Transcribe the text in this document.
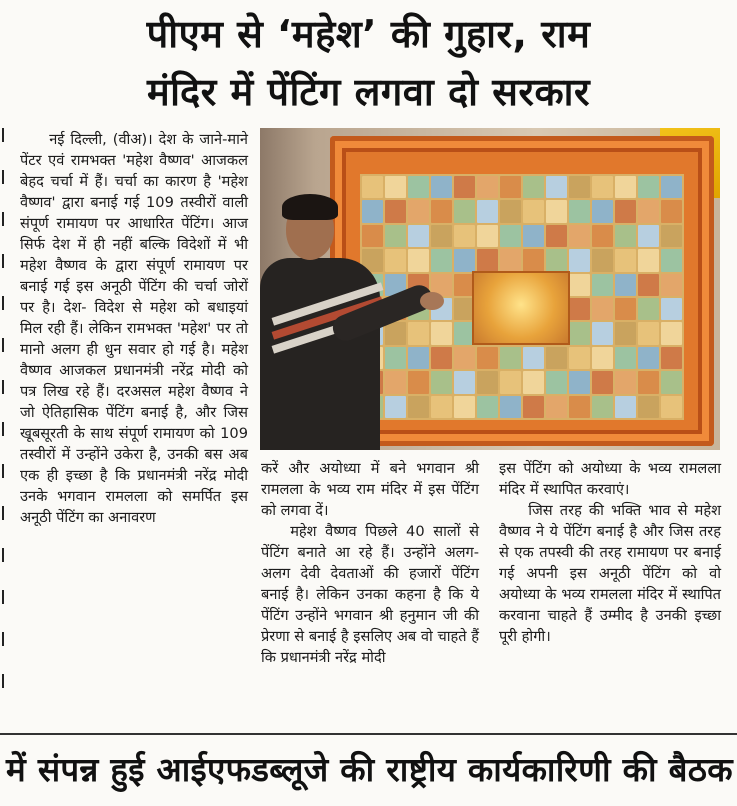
पीएम से ‘महेश’ की गुहार, राम
मंदिर में पेंटिंग लगवा दो सरकार

नई दिल्ली, (वीअ)। देश के जाने-माने पेंटर एवं रामभक्त 'महेश वैष्णव' आजकल बेहद चर्चा में हैं। चर्चा का कारण है 'महेश वैष्णव' द्वारा बनाई गई 109 तस्वीरों वाली संपूर्ण रामायण पर आधारित पेंटिंग। आज सिर्फ देश में ही नहीं बल्कि विदेशों में भी महेश वैष्णव के द्वारा संपूर्ण रामायण पर बनाई गई इस अनूठी पेंटिंग की चर्चा जोरों पर है। देश- विदेश से महेश को बधाइयां मिल रही हैं। लेकिन रामभक्त 'महेश' पर तो मानो अलग ही धुन सवार हो गई है। महेश वैष्णव आजकल प्रधानमंत्री नरेंद्र मोदी को पत्र लिख रहे हैं। दरअसल महेश वैष्णव ने जो ऐतिहासिक पेंटिंग बनाई है, और जिस खूबसूरती के साथ संपूर्ण रामायण को 109 तस्वीरों में उन्होंने उकेरा है, उनकी बस अब एक ही इच्छा है कि प्रधानमंत्री नरेंद्र मोदी उनके भगवान रामलला को समर्पित इस अनूठी पेंटिंग का अनावरण

करें और अयोध्या में बने भगवान श्री रामलला के भव्य राम मंदिर में इस पेंटिंग को लगवा दें।

महेश वैष्णव पिछले 40 सालों से पेंटिंग बनाते आ रहे हैं। उन्होंने अलग-अलग देवी देवताओं की हजारों पेंटिंग बनाई है। लेकिन उनका कहना है कि ये पेंटिंग उन्होंने भगवान श्री हनुमान जी की प्रेरणा से बनाई है इसलिए अब वो चाहते हैं कि प्रधानमंत्री नरेंद्र मोदी

इस पेंटिंग को अयोध्या के भव्य रामलला मंदिर में स्थापित करवाएं।

जिस तरह की भक्ति भाव से महेश वैष्णव ने ये पेंटिंग बनाई है और जिस तरह से एक तपस्वी की तरह रामायण पर बनाई गई अपनी इस अनूठी पेंटिंग को वो अयोध्या के भव्य रामलला मंदिर में स्थापित करवाना चाहते हैं उम्मीद है उनकी इच्छा पूरी होगी।

में संपन्न हुई आईएफडब्लूजे की राष्ट्रीय कार्यकारिणी की बैठक
